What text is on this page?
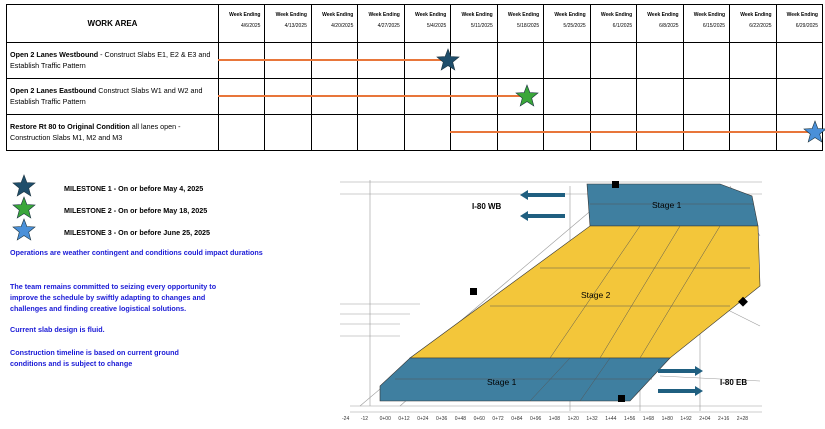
WORK AREA
Week Ending
4/6/2025
Week Ending
4/13/2025
Week Ending
4/20/2025
Week Ending
4/27/2025
Week Ending
5/4/2025
Week Ending
5/11/2025
Week Ending
5/18/2025
Week Ending
5/25/2025
Week Ending
6/1/2025
Week Ending
6/8/2025
Week Ending
6/15/2025
Week Ending
6/22/2025
Week Ending
6/29/2025
Open 2 Lanes Westbound - Construct Slabs E1, E2 & E3 and Establish Traffic Pattern
Open 2 Lanes Eastbound Construct Slabs W1 and W2 and Establish Traffic Pattern
Restore Rt 80 to Original Condition all lanes open - Construction Slabs M1, M2 and M3
Operations are weather contingent and conditions could impact durations
The team remains committed to seizing every opportunity to improve the schedule by swiftly adapting to changes and challenges and finding creative logistical solutions.
Current slab design is fluid.
Construction timeline is based on current ground conditions and is subject to change
I-80 WB
I-80 EB
Stage 1
Stage 2
Stage 1
-24 -12 0+00 0+12 0+24 0+36 0+48 0+60 0+72 0+84 0+96 1+08 1+20 1+32 1+44 1+56 1+68 1+80 1+92 2+04 2+16 2+28
MILESTONE 1 - On or before May 4, 2025
MILESTONE 2 - On or before May 18, 2025
MILESTONE 3 - On or before June 25, 2025
